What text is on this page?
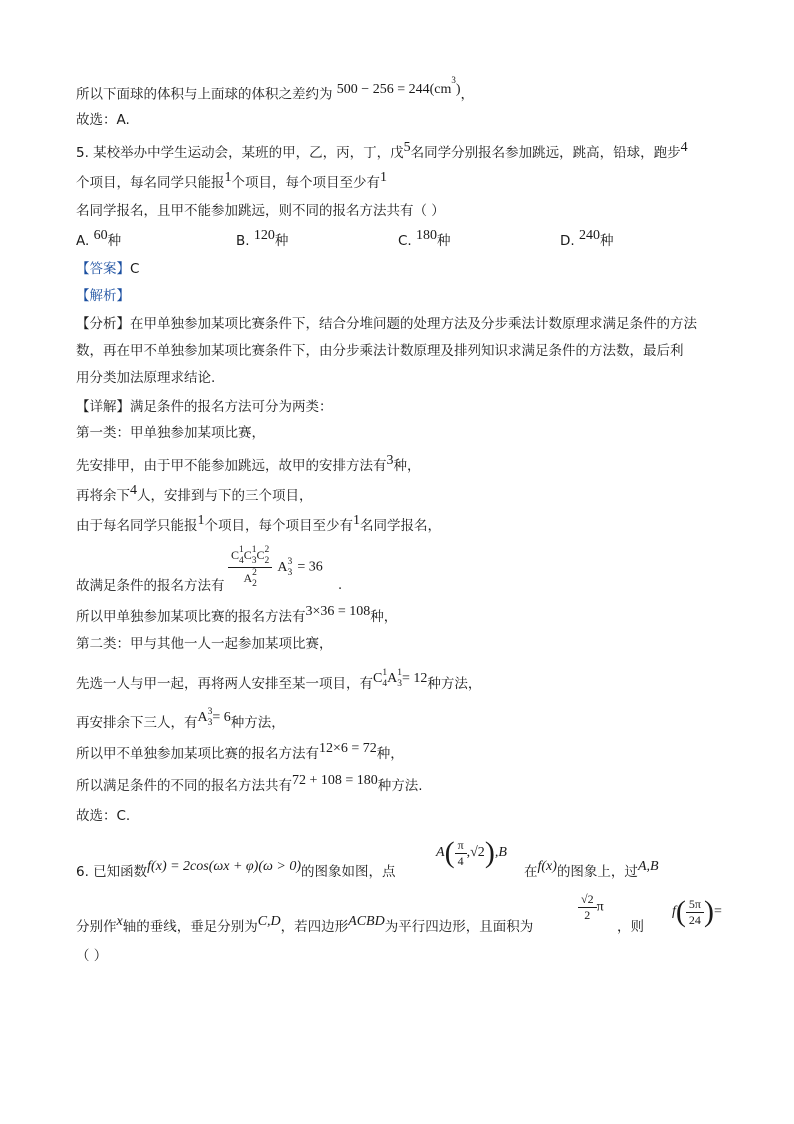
所以下面球的体积与上面球的体积之差约为 $500 - 256 = 244(cm^3)$，
故选：A.
5. 某校举办中学生运动会，某班的甲，乙，丙，丁，戊5名同学分别报名参加跳远，跳高，铅球，跑步4
个项目，每名同学只能报1个项目，每个项目至少有1
名同学报名，且甲不能参加跳远，则不同的报名方法共有（ ）
A. 60种	B. 120种	C. 180种	D. 240种
【答案】C
【解析】
【分析】在甲单独参加某项比赛条件下，结合分堆问题的处理方法及分步乘法计数原理求满足条件的方法
数，再在甲不单独参加某项比赛条件下，由分步乘法计数原理及排列知识求满足条件的方法数，最后利
用分类加法原理求结论.
【详解】满足条件的报名方法可分为两类：
第一类：甲单独参加某项比赛，
先安排甲，由于甲不能参加跳远，故甲的安排方法有3种，
再将余下4人，安排到与下的三个项目，
由于每名同学只能报1个项目，每个项目至少有1名同学报名，
故满足条件的报名方法有 C 1
4 C 1
3 C 2
2
A 2
2 A 3
3 = 36
.
所以甲单独参加某项比赛的报名方法有3×36 = 108种，
第二类：甲与其他一人一起参加某项比赛，
先选一人与甲一起，再将两人安排至某一项目，有C 1
4 A 1
3 = 12种方法，
再安排余下三人，有A 3
3 = 6种方法，
所以甲不单独参加某项比赛的报名方法有12×6 = 72种，
所以满足条件的不同的报名方法共有72 + 108 = 180种方法.
故选：C.
6. 已知函数f(x) = 2cos(ωx + φ)(ω > 0)的图象如图，点
$A( \frac{\pi}{4} ,√2),B$
在f(x)的图象上，过A,B
分别作x轴的垂线，垂足分别为C,D，若四边形ACBD为平行四边形，且面积为
$\frac{√2}{2}$ π
，则
$f( \frac{5\pi}{24}$ )=
（ ）
